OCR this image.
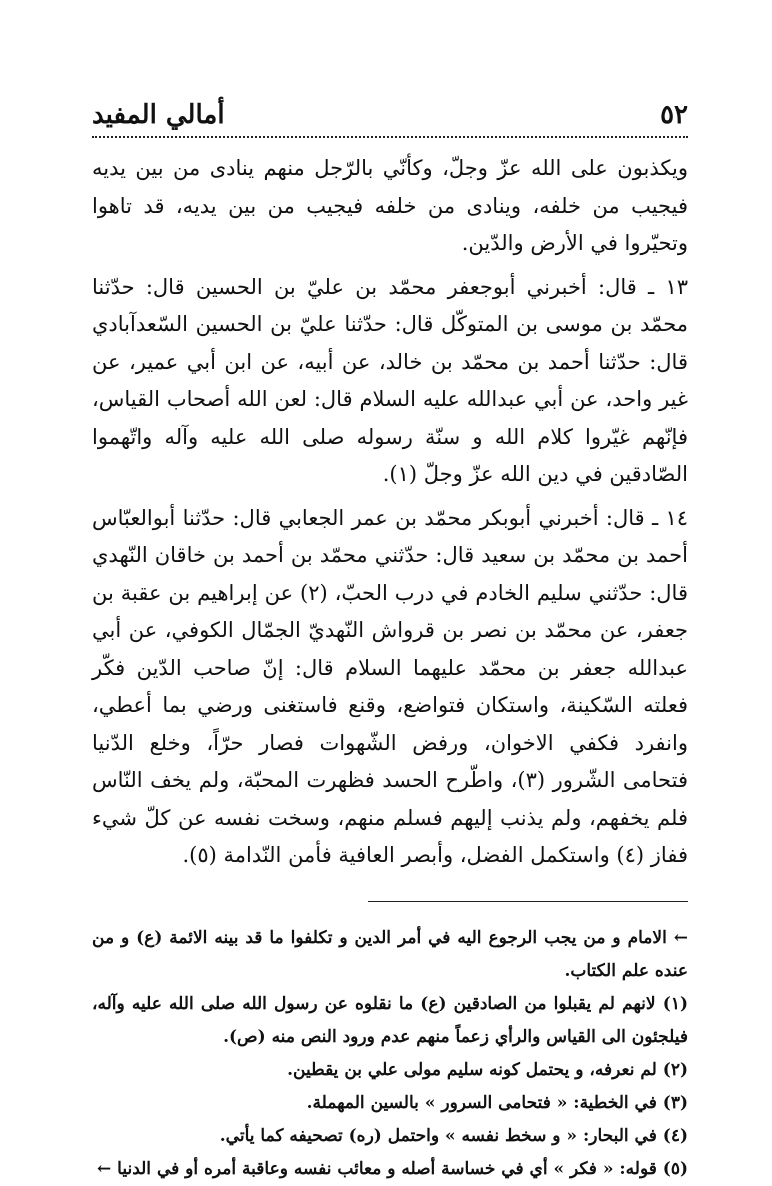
٥٢
أمالي المفيد

ويكذبون على الله عزّ وجلّ، وكأنّي بالرّجل منهم ينادى من بين يديه فيجيب من خلفه، وينادى من خلفه فيجيب من بين يديه، قد تاهوا وتحيّروا في الأرض والدّين.

١٣ ـ قال: أخبرني أبوجعفر محمّد بن عليّ بن الحسين قال: حدّثنا محمّد بن موسى بن المتوكّل قال: حدّثنا عليّ بن الحسين السّعدآبادي قال: حدّثنا أحمد بن محمّد بن خالد، عن أبيه، عن ابن أبي عمير، عن غير واحد، عن أبي عبدالله عليه السلام قال: لعن الله أصحاب القياس، فإنّهم غيّروا كلام الله و سنّة رسوله صلى الله عليه وآله واتّهموا الصّادقين في دين الله عزّ وجلّ (١).

١٤ ـ قال: أخبرني أبوبكر محمّد بن عمر الجعابي قال: حدّثنا أبوالعبّاس أحمد بن محمّد بن سعيد قال: حدّثني محمّد بن أحمد بن خاقان النّهدي قال: حدّثني سليم الخادم في درب الحبّ، (٢) عن إبراهيم بن عقبة بن جعفر، عن محمّد بن نصر بن قرواش النّهديّ الجمّال الكوفي، عن أبي عبدالله جعفر بن محمّد عليهما السلام قال: إنّ صاحب الدّين فكّر فعلته السّكينة، واستكان فتواضع، وقنع فاستغنى ورضي بما أعطي، وانفرد فكفي الاخوان، ورفض الشّهوات فصار حرّاً، وخلع الدّنيا فتحامى الشّرور (٣)، واطّرح الحسد فظهرت المحبّة، ولم يخف النّاس فلم يخفهم، ولم يذنب إليهم فسلم منهم، وسخت نفسه عن كلّ شيء ففاز (٤) واستكمل الفضل، وأبصر العافية فأمن النّدامة (٥).

← الامام و من يجب الرجوع اليه في أمر الدين و تكلفوا ما قد بينه الائمة (ع) و من عنده علم الكتاب.

(١) لانهم لم يقبلوا من الصادقين (ع) ما نقلوه عن رسول الله صلى الله عليه وآله، فيلجئون الى القياس والرأي زعماً منهم عدم ورود النص منه (ص).

(٢) لم نعرفه، و يحتمل كونه سليم مولى علي بن يقطين.

(٣) في الخطية: « فتحامى السرور » بالسين المهملة.

(٤) في البحار: « و سخط نفسه » واحتمل (ره) تصحيفه كما يأتي.

(٥) قوله: « فكر » أي في خساسة أصله و معائب نفسه وعاقبة أمره أو في الدنيا ←
